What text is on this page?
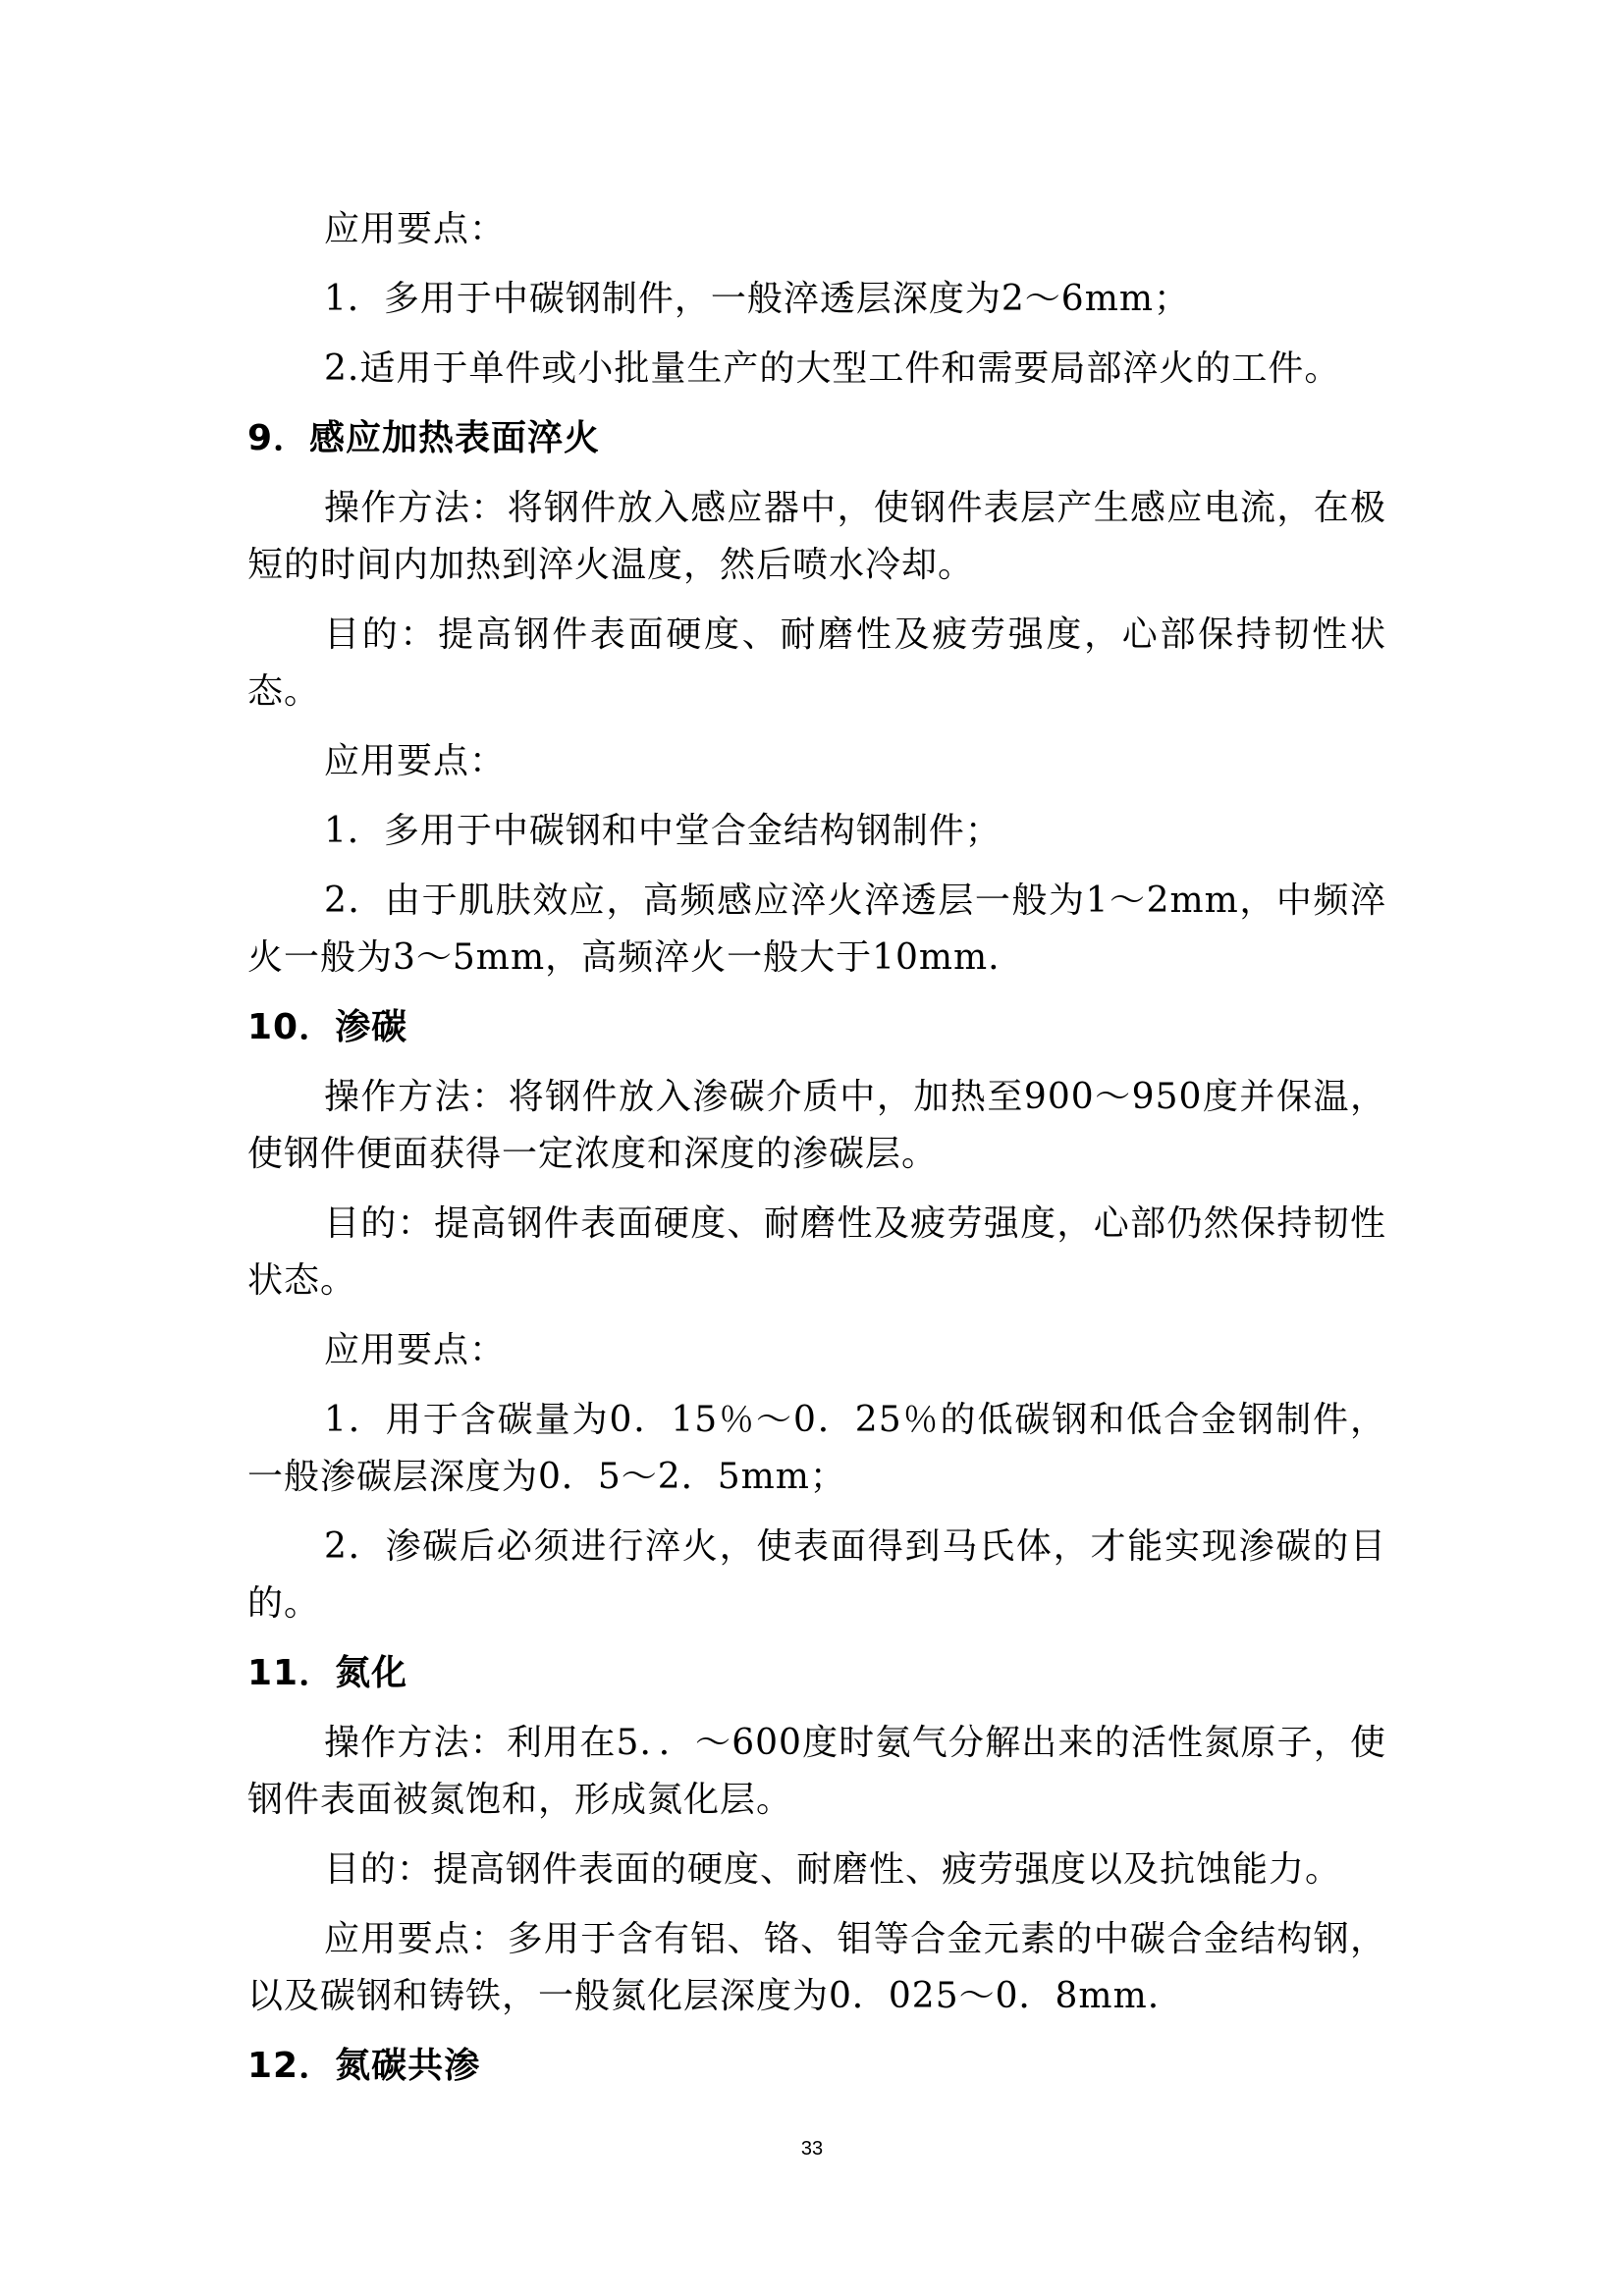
应用要点：

1．多用于中碳钢制件，一般淬透层深度为2～6mm；

2.适用于单件或小批量生产的大型工件和需要局部淬火的工件。

9．感应加热表面淬火

操作方法：将钢件放入感应器中，使钢件表层产生感应电流，在极短的时间内加热到淬火温度，然后喷水冷却。

目的：提高钢件表面硬度、耐磨性及疲劳强度，心部保持韧性状态。

应用要点：

1．多用于中碳钢和中堂合金结构钢制件；

2．由于肌肤效应，高频感应淬火淬透层一般为1～2mm，中频淬火一般为3～5mm，高频淬火一般大于10mm.

10．渗碳

操作方法：将钢件放入渗碳介质中，加热至900～950度并保温，使钢件便面获得一定浓度和深度的渗碳层。

目的：提高钢件表面硬度、耐磨性及疲劳强度，心部仍然保持韧性状态。

应用要点：

1．用于含碳量为0．15％～0．25％的低碳钢和低合金钢制件，一般渗碳层深度为0．5～2．5mm；

2．渗碳后必须进行淬火，使表面得到马氏体，才能实现渗碳的目的。

11．氮化

操作方法：利用在5．．～600度时氨气分解出来的活性氮原子，使钢件表面被氮饱和，形成氮化层。

目的：提高钢件表面的硬度、耐磨性、疲劳强度以及抗蚀能力。

应用要点：多用于含有铝、铬、钼等合金元素的中碳合金结构钢，以及碳钢和铸铁，一般氮化层深度为0．025～0．8mm.

12．氮碳共渗
33
